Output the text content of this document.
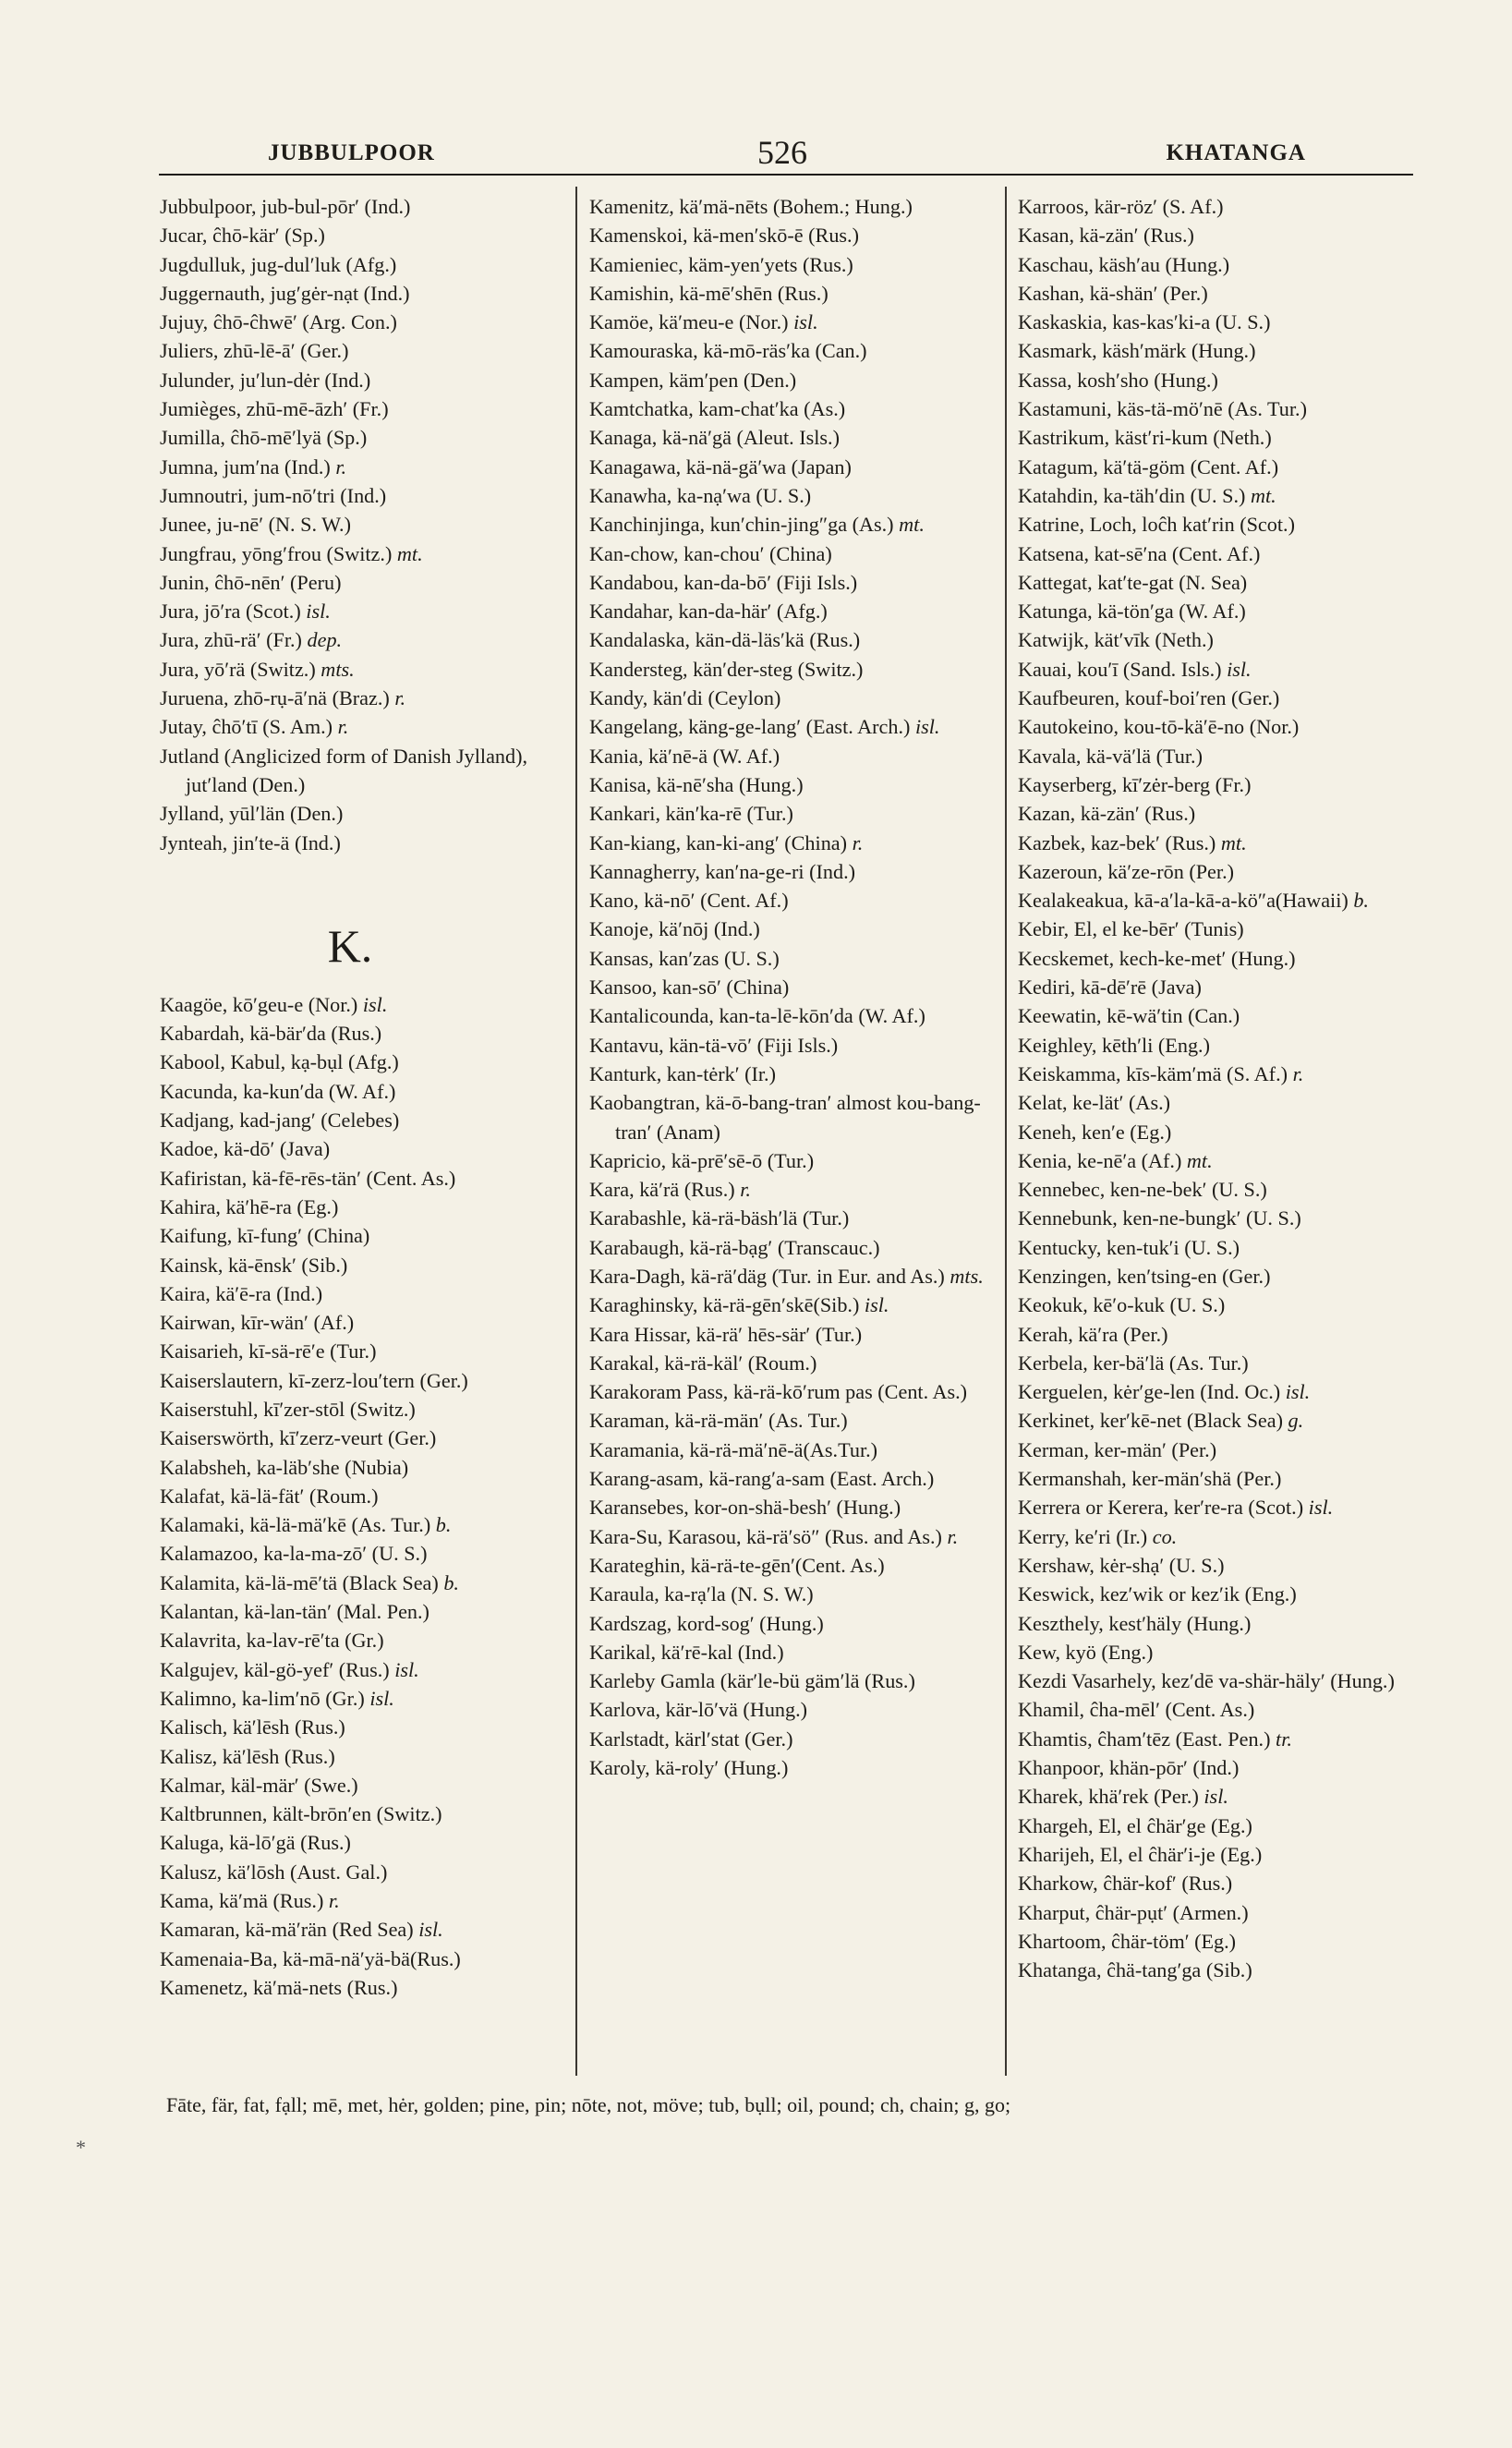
JUBBULPOOR	526	KHATANGA
Jubbulpoor, jub-bul-pōr′ (Ind.)
Jucar, ĉhō-kär′ (Sp.)
Jugdulluk, jug-dul′luk (Afg.)
Juggernauth, jug′gėr-nạt (Ind.)
Jujuy, ĉhō-ĉhwē′ (Arg. Con.)
Juliers, zhū-lē-ā′ (Ger.)
Julunder, ju′lun-dėr (Ind.)
Jumièges, zhū-mē-āzh′ (Fr.)
Jumilla, ĉhō-mē′lyä (Sp.)
Jumna, jum′na (Ind.) r.
Jumnoutri, jum-nō′tri (Ind.)
Junee, ju-nē′ (N. S. W.)
Jungfrau, yōng′frou (Switz.) mt.
Junin, ĉhō-nēn′ (Peru)
Jura, jō′ra (Scot.) isl.
Jura, zhū-rä′ (Fr.) dep.
Jura, yō′rä (Switz.) mts.
Juruena, zhō-rụ-ā′nä (Braz.) r.
Jutay, ĉhō′tī (S. Am.) r.
Jutland (Anglicized form of Danish Jylland), jut′land (Den.)
Jylland, yūl′län (Den.)
Jynteah, jin′te-ä (Ind.)
K.
Kaagöe, kō′geu-e (Nor.) isl.
Kabardah, kä-bär′da (Rus.)
Kabool, Kabul, kạ-bụl (Afg.)
Kacunda, ka-kun′da (W. Af.)
Kadjang, kad-jang′ (Celebes)
Kadoe, kä-dō′ (Java)
Kafiristan, kä-fē-rēs-tän′ (Cent. As.)
Kahira, kä′hē-ra (Eg.)
Kaifung, kī-fung′ (China)
Kainsk, kä-ēnsk′ (Sib.)
Kaira, kä′ē-ra (Ind.)
Kairwan, kīr-wän′ (Af.)
Kaisarieh, kī-sä-rē′e (Tur.)
Kaiserslautern, kī-zerz-lou′tern (Ger.)
Kaiserstuhl, kī′zer-stōl (Switz.)
Kaiserswörth, kī′zerz-veurt (Ger.)
Kalabsheh, ka-läb′she (Nubia)
Kalafat, kä-lä-fät′ (Roum.)
Kalamaki, kä-lä-mä′kē (As. Tur.) b.
Kalamazoo, ka-la-ma-zō′ (U. S.)
Kalamita, kä-lä-mē′tä (Black Sea) b.
Kalantan, kä-lan-tän′ (Mal. Pen.)
Kalavrita, ka-lav-rē′ta (Gr.)
Kalgujev, käl-gö-yef′ (Rus.) isl.
Kalimno, ka-lim′nō (Gr.) isl.
Kalisch, kä′lēsh (Rus.)
Kalisz, kä′lēsh (Rus.)
Kalmar, käl-mär′ (Swe.)
Kaltbrunnen, kält-brōn′en (Switz.)
Kaluga, kä-lō′gä (Rus.)
Kalusz, kä′lōsh (Aust. Gal.)
Kama, kä′mä (Rus.) r.
Kamaran, kä-mä′rän (Red Sea) isl.
Kamenaia-Ba, kä-mā-nä′yä-bä(Rus.)
Kamenetz, kä′mä-nets (Rus.)
Kamenitz, kä′mä-nēts (Bohem.; Hung.)
Kamenskoi, kä-men′skō-ē (Rus.)
Kamieniec, käm-yen′yets (Rus.)
Kamishin, kä-mē′shēn (Rus.)
Kamöe, kä′meu-e (Nor.) isl.
Kamouraska, kä-mō-räs′ka (Can.)
Kampen, käm′pen (Den.)
Kamtchatka, kam-chat′ka (As.)
Kanaga, kä-nä′gä (Aleut. Isls.)
Kanagawa, kä-nä-gä′wa (Japan)
Kanawha, ka-nạ′wa (U. S.)
Kanchinjinga, kun′chin-jing″ga (As.) mt.
Kan-chow, kan-chou′ (China)
Kandabou, kan-da-bō′ (Fiji Isls.)
Kandahar, kan-da-här′ (Afg.)
Kandalaska, kän-dä-läs′kä (Rus.)
Kandersteg, kän′der-steg (Switz.)
Kandy, kän′di (Ceylon)
Kangelang, käng-ge-lang′ (East. Arch.) isl.
Kania, kä′nē-ä (W. Af.)
Kanisa, kä-nē′sha (Hung.)
Kankari, kän′ka-rē (Tur.)
Kan-kiang, kan-ki-ang′ (China) r.
Kannagherry, kan′na-ge-ri (Ind.)
Kano, kä-nō′ (Cent. Af.)
Kanoje, kä′nōj (Ind.)
Kansas, kan′zas (U. S.)
Kansoo, kan-sō′ (China)
Kantalicounda, kan-ta-lē-kōn′da (W. Af.)
Kantavu, kän-tä-vō′ (Fiji Isls.)
Kanturk, kan-tėrk′ (Ir.)
Kaobangtran, kä-ō-bang-tran′ almost kou-bang-tran′ (Anam)
Kapricio, kä-prē′sē-ō (Tur.)
Kara, kä′rä (Rus.) r.
Karabashle, kä-rä-bäsh′lä (Tur.)
Karabaugh, kä-rä-bạg′ (Transcauc.)
Kara-Dagh, kä-rä′däg (Tur. in Eur. and As.) mts.
Karaghinsky, kä-rä-gēn′skē(Sib.) isl.
Kara Hissar, kä-rä′ hēs-sär′ (Tur.)
Karakal, kä-rä-käl′ (Roum.)
Karakoram Pass, kä-rä-kō′rum pas (Cent. As.)
Karaman, kä-rä-män′ (As. Tur.)
Karamania, kä-rä-mä′nē-ä(As.Tur.)
Karang-asam, kä-rang′a-sam (East. Arch.)
Karansebes, kor-on-shä-besh′ (Hung.)
Kara-Su, Karasou, kä-rä′sö″ (Rus. and As.) r.
Karateghin, kä-rä-te-gēn′(Cent. As.)
Karaula, ka-rạ′la (N. S. W.)
Kardszag, kord-sog′ (Hung.)
Karikal, kä′rē-kal (Ind.)
Karleby Gamla (kär′le-bü gäm′lä (Rus.)
Karlova, kär-lō′vä (Hung.)
Karlstadt, kärl′stat (Ger.)
Karoly, kä-roly′ (Hung.)
Karroos, kär-röz′ (S. Af.)
Kasan, kä-zän′ (Rus.)
Kaschau, käsh′au (Hung.)
Kashan, kä-shän′ (Per.)
Kaskaskia, kas-kas′ki-a (U. S.)
Kasmark, käsh′märk (Hung.)
Kassa, kosh′sho (Hung.)
Kastamuni, käs-tä-mö′nē (As. Tur.)
Kastrikum, käst′ri-kum (Neth.)
Katagum, kä′tä-göm (Cent. Af.)
Katahdin, ka-täh′din (U. S.) mt.
Katrine, Loch, loĉh kat′rin (Scot.)
Katsena, kat-sē′na (Cent. Af.)
Kattegat, kat′te-gat (N. Sea)
Katunga, kä-tön′ga (W. Af.)
Katwijk, kät′vīk (Neth.)
Kauai, kou′ī (Sand. Isls.) isl.
Kaufbeuren, kouf-boi′ren (Ger.)
Kautokeino, kou-tō-kä′ē-no (Nor.)
Kavala, kä-vä′lä (Tur.)
Kayserberg, kī′zėr-berg (Fr.)
Kazan, kä-zän′ (Rus.)
Kazbek, kaz-bek′ (Rus.) mt.
Kazeroun, kä′ze-rōn (Per.)
Kealakeakua, kā-a′la-kā-a-kö″a(Hawaii) b.
Kebir, El, el ke-bēr′ (Tunis)
Kecskemet, kech-ke-met′ (Hung.)
Kediri, kā-dē′rē (Java)
Keewatin, kē-wä′tin (Can.)
Keighley, kēth′li (Eng.)
Keiskamma, kīs-käm′mä (S. Af.) r.
Kelat, ke-lät′ (As.)
Keneh, ken′e (Eg.)
Kenia, ke-nē′a (Af.) mt.
Kennebec, ken-ne-bek′ (U. S.)
Kennebunk, ken-ne-bungk′ (U. S.)
Kentucky, ken-tuk′i (U. S.)
Kenzingen, ken′tsing-en (Ger.)
Keokuk, kē′o-kuk (U. S.)
Kerah, kä′ra (Per.)
Kerbela, ker-bä′lä (As. Tur.)
Kerguelen, kėr′ge-len (Ind. Oc.) isl.
Kerkinet, ker′kē-net (Black Sea) g.
Kerman, ker-män′ (Per.)
Kermanshah, ker-män′shä (Per.)
Kerrera or Kerera, ker′re-ra (Scot.) isl.
Kerry, ke′ri (Ir.) co.
Kershaw, kėr-shạ′ (U. S.)
Keswick, kez′wik or kez′ik (Eng.)
Keszthely, kest′häly (Hung.)
Kew, kyö (Eng.)
Kezdi Vasarhely, kez′dē va-shär-häly′ (Hung.)
Khamil, ĉha-mēl′ (Cent. As.)
Khamtis, ĉham′tēz (East. Pen.) tr.
Khanpoor, khän-pōr′ (Ind.)
Kharek, khä′rek (Per.) isl.
Khargeh, El, el ĉhär′ge (Eg.)
Kharijeh, El, el ĉhär′i-je (Eg.)
Kharkow, ĉhär-kof′ (Rus.)
Kharput, ĉhär-pụt′ (Armen.)
Khartoom, ĉhär-töm′ (Eg.)
Khatanga, ĉhä-tang′ga (Sib.)
Fāte, fär, fat, fạll; mē, met, hėr, golden; pine, pin; nōte, not, möve; tub, bụll; oil, pound; ch, chain; g, go;
*
